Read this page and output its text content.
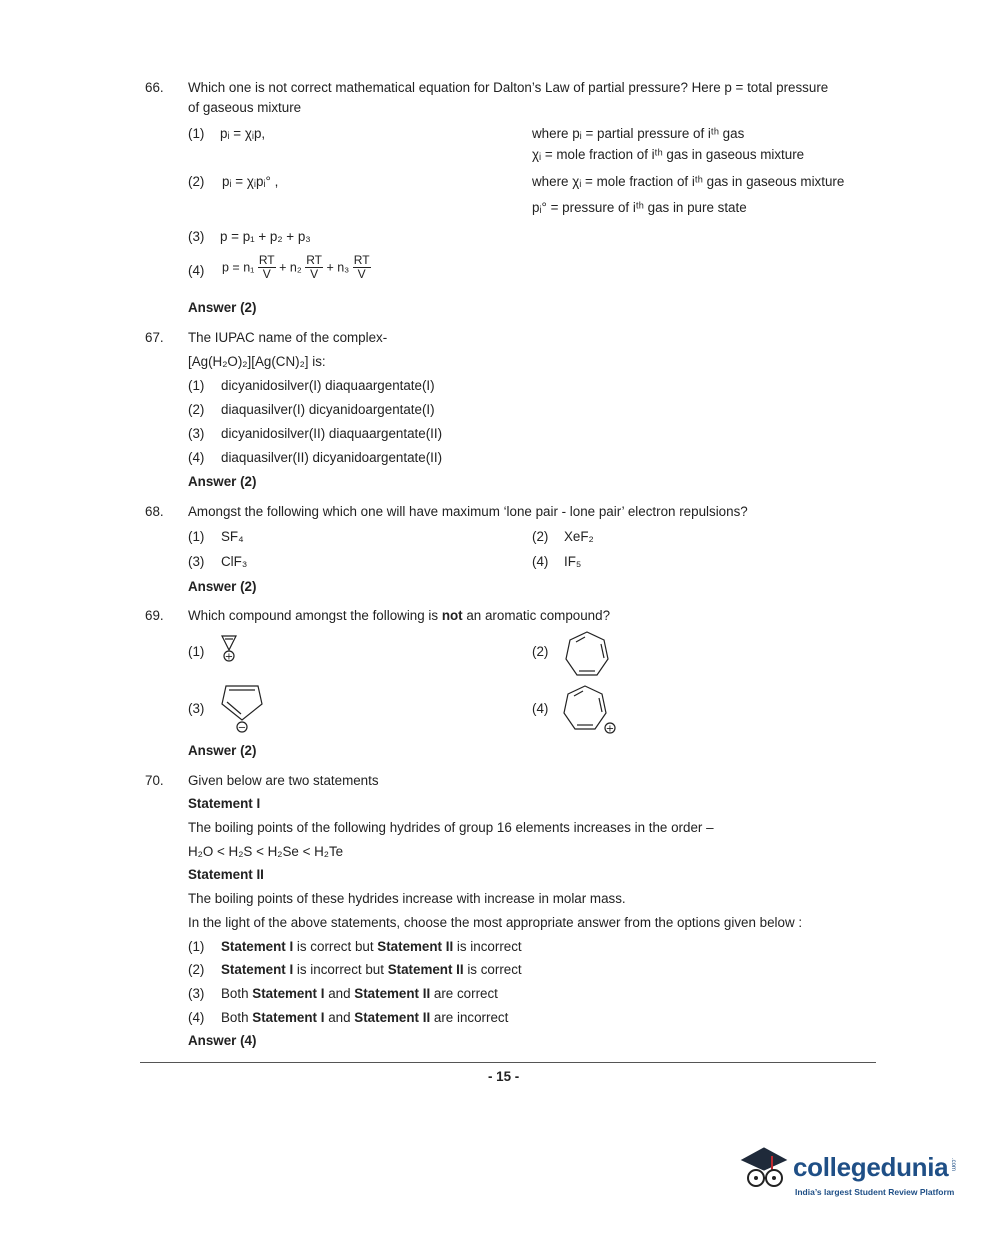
66. Which one is not correct mathematical equation for Dalton’s Law of partial pressure? Here p = total pressure
of gaseous mixture
(1) pᵢ = χᵢp,	where pᵢ = partial pressure of iᵗʰ gas
χᵢ = mole fraction of iᵗʰ gas in gaseous mixture
(2) pᵢ = χᵢpᵢ° ,	where χᵢ = mole fraction of iᵗʰ gas in gaseous mixture
pᵢ° = pressure of iᵗʰ gas in pure state
(3) p = p₁ + p₂ + p₃
(4) $p = n_1 \frac{RT}{V} + n_2 \frac{RT}{V} + n_3 \frac{RT}{V}$
Answer (2)
67. The IUPAC name of the complex-
[Ag(H₂O)₂][Ag(CN)₂] is:
(1) dicyanidosilver(I) diaquaargentate(I)
(2) diaquasilver(I) dicyanidoargentate(I)
(3) dicyanidosilver(II) diaquaargentate(II)
(4) diaquasilver(II) dicyanidoargentate(II)
Answer (2)
68. Amongst the following which one will have maximum ‘lone pair - lone pair’ electron repulsions?
(1) SF₄	(2) XeF₂
(3) ClF₃	(4) IF₅
Answer (2)
69. Which compound amongst the following is not an aromatic compound?
(1) +	(2)
(3)
−
(4)
+
Answer (2)
70. Given below are two statements
Statement I
The boiling points of the following hydrides of group 16 elements increases in the order –
H₂O < H₂S < H₂Se < H₂Te
Statement II
The boiling points of these hydrides increase with increase in molar mass.
In the light of the above statements, choose the most appropriate answer from the options given below :
(1) Statement I is correct but Statement II is incorrect
(2) Statement I is incorrect but Statement II is correct
(3) Both Statement I and Statement II are correct
(4) Both Statement I and Statement II are incorrect
Answer (4)
- 15 -
collegedunia .com
India’s largest Student Review Platform
